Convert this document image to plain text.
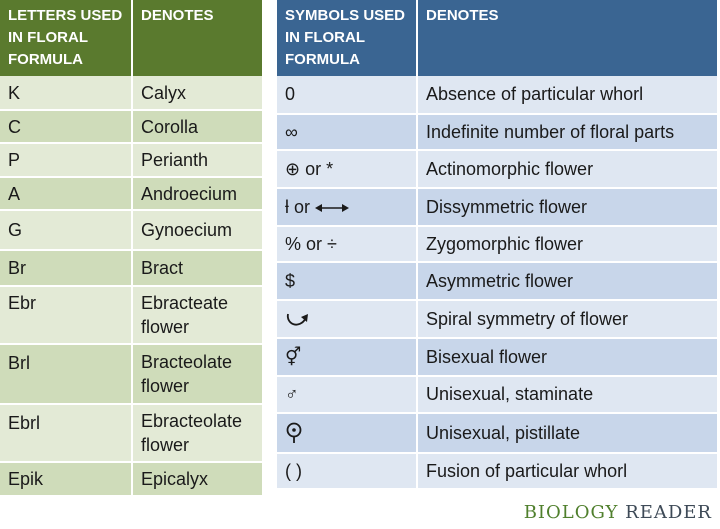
LETTERS USED IN FLORAL FORMULA	DENOTES
K	Calyx
C	Corolla
P	Perianth
A	Androecium
G	Gynoecium
Br	Bract
Ebr	Ebracteate flower
Brl	Bracteolate flower
Ebrl	Ebracteolate flower
Epik	Epicalyx
SYMBOLS USED IN FLORAL FORMULA	DENOTES
0	Absence of particular whorl
∞	Indefinite number of floral parts
⊕ or *	Actinomorphic flower
ƚ or	Dissymmetric flower
% or ÷	Zygomorphic flower
$	Asymmetric flower
	Spiral symmetry of flower
⚥	Bisexual flower
♂	Unisexual, staminate
	Unisexual, pistillate
( )	Fusion of particular whorl
BIOLOGY READER
